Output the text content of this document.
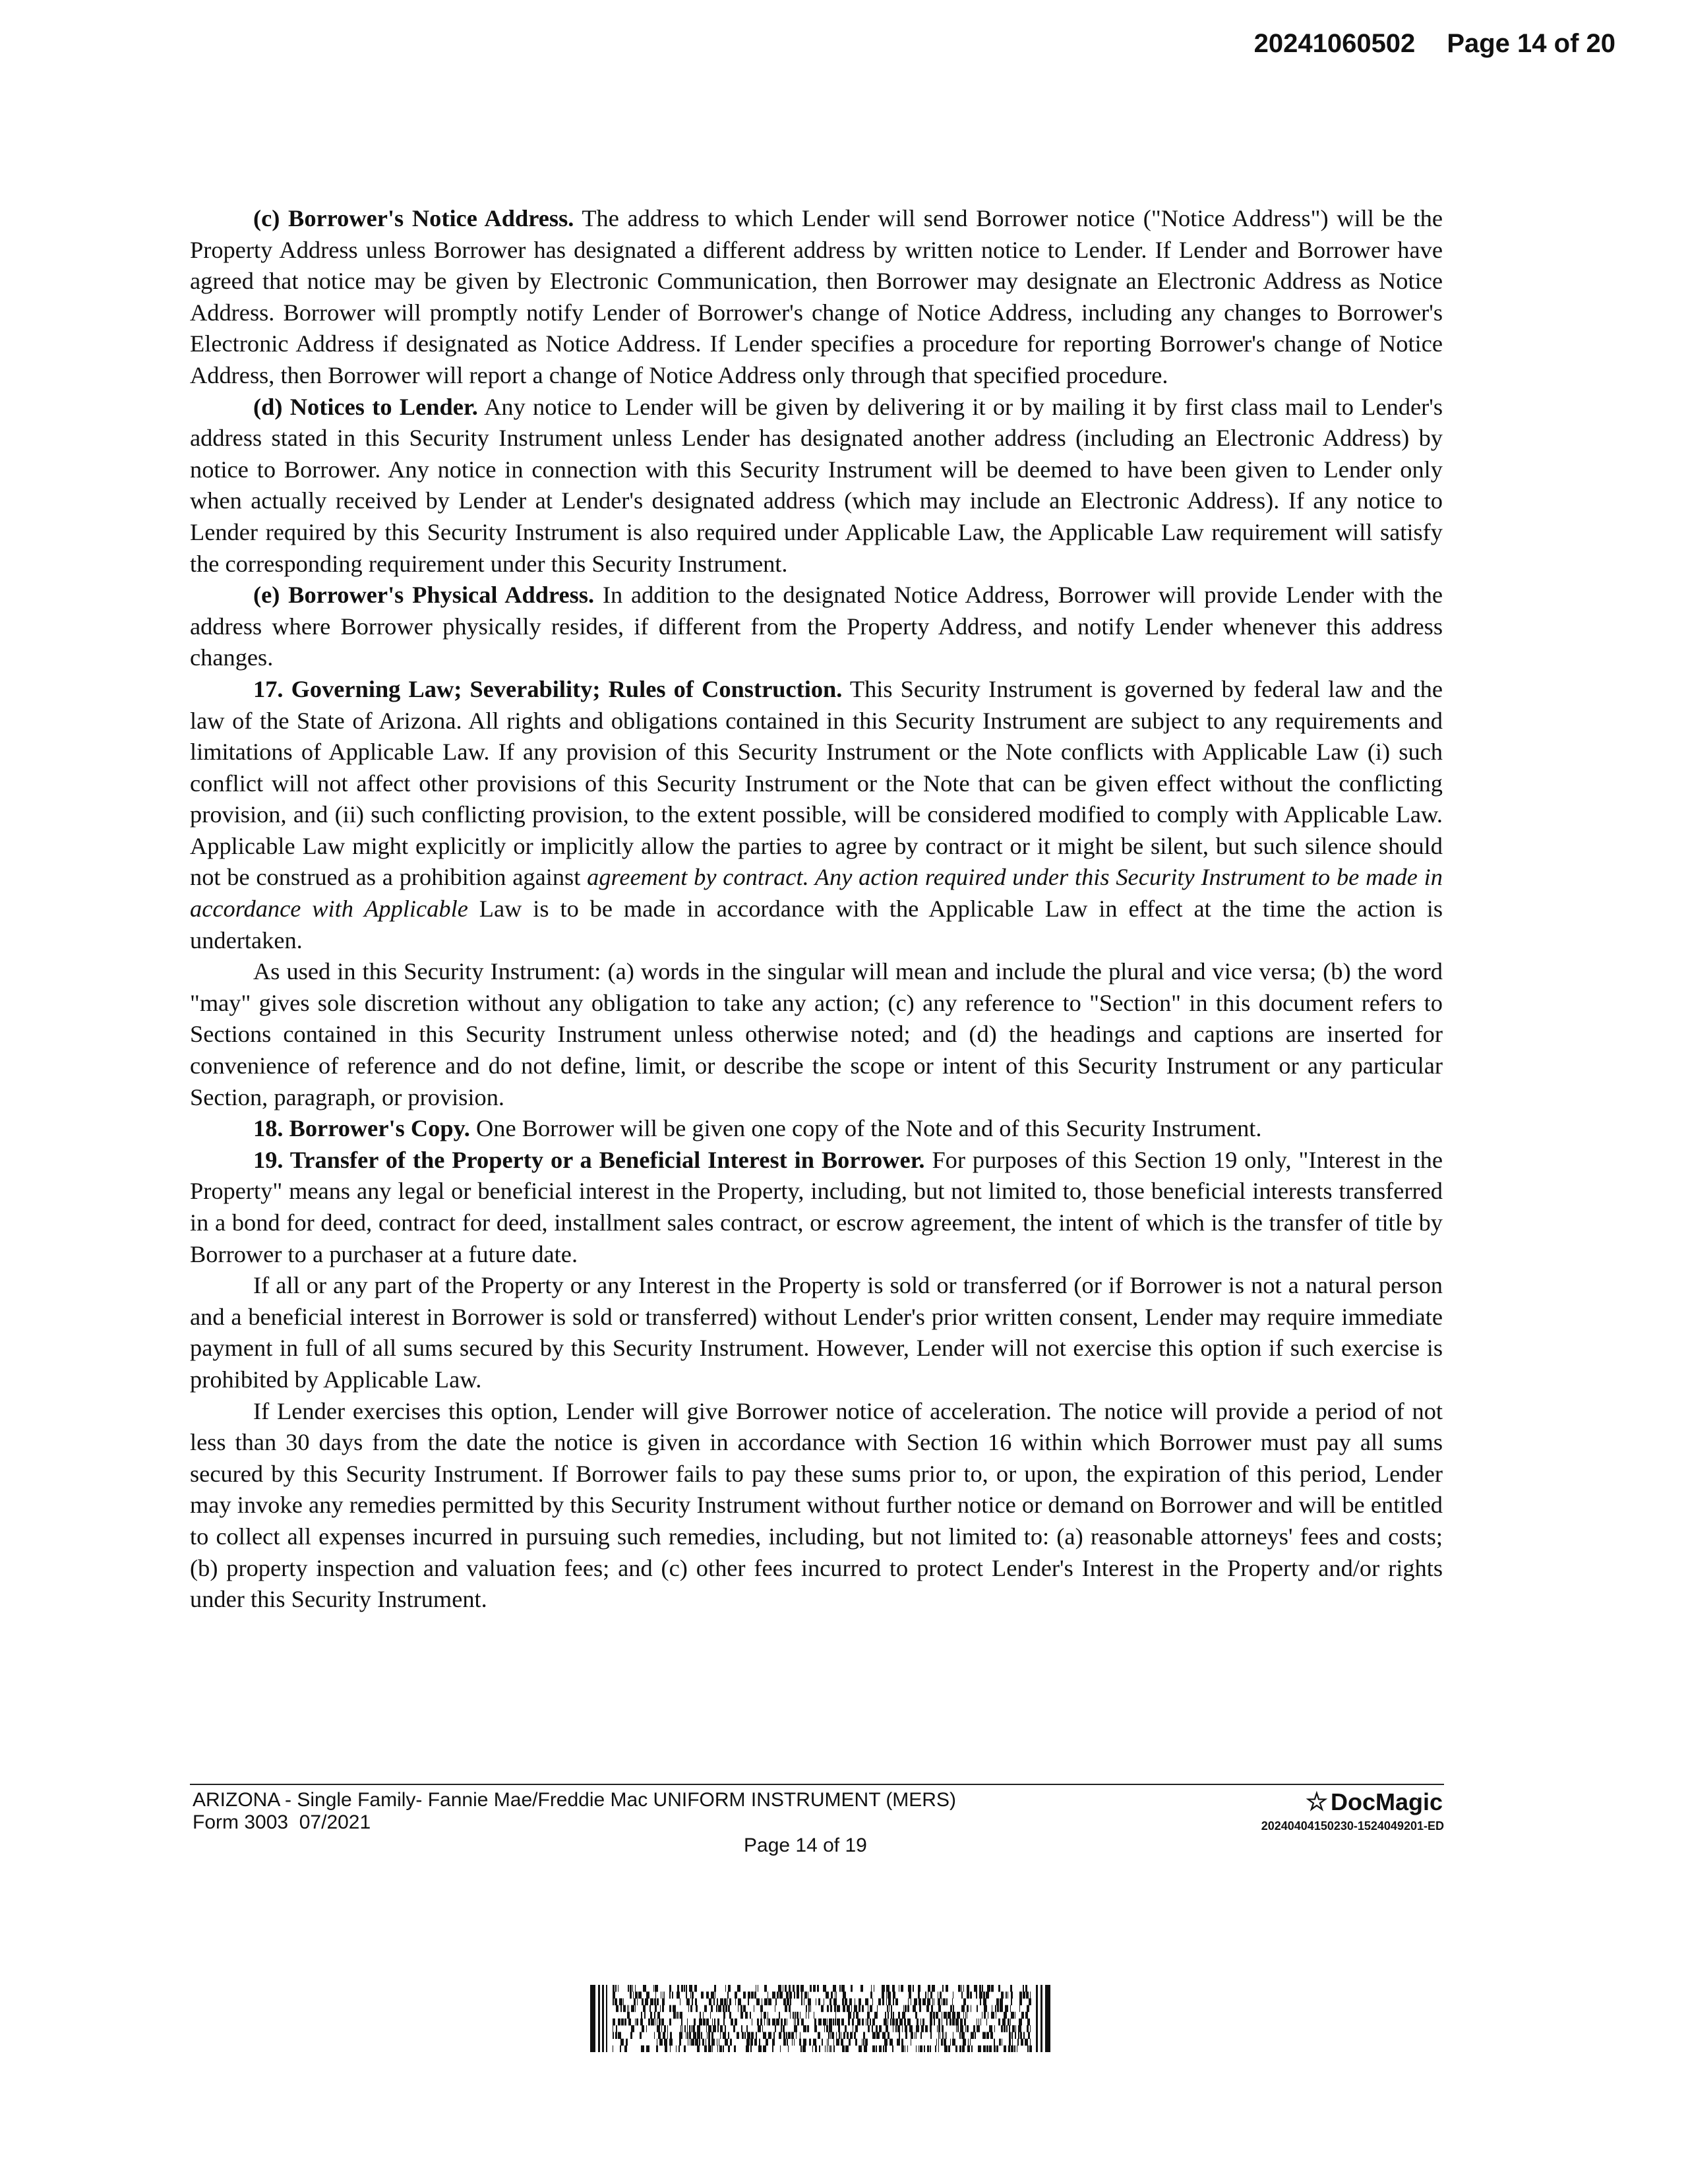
20241060502 Page 14 of 20

(c) Borrower's Notice Address. The address to which Lender will send Borrower notice ("Notice Address") will be the Property Address unless Borrower has designated a different address by written notice to Lender. If Lender and Borrower have agreed that notice may be given by Electronic Communication, then Borrower may designate an Electronic Address as Notice Address. Borrower will promptly notify Lender of Borrower's change of Notice Address, including any changes to Borrower's Electronic Address if designated as Notice Address. If Lender specifies a procedure for reporting Borrower's change of Notice Address, then Borrower will report a change of Notice Address only through that specified procedure.

(d) Notices to Lender. Any notice to Lender will be given by delivering it or by mailing it by first class mail to Lender's address stated in this Security Instrument unless Lender has designated another address (including an Electronic Address) by notice to Borrower. Any notice in connection with this Security Instrument will be deemed to have been given to Lender only when actually received by Lender at Lender's designated address (which may include an Electronic Address). If any notice to Lender required by this Security Instrument is also required under Applicable Law, the Applicable Law requirement will satisfy the corresponding requirement under this Security Instrument.

(e) Borrower's Physical Address. In addition to the designated Notice Address, Borrower will provide Lender with the address where Borrower physically resides, if different from the Property Address, and notify Lender whenever this address changes.

17. Governing Law; Severability; Rules of Construction. This Security Instrument is governed by federal law and the law of the State of Arizona. All rights and obligations contained in this Security Instrument are subject to any requirements and limitations of Applicable Law. If any provision of this Security Instrument or the Note conflicts with Applicable Law (i) such conflict will not affect other provisions of this Security Instrument or the Note that can be given effect without the conflicting provision, and (ii) such conflicting provision, to the extent possible, will be considered modified to comply with Applicable Law. Applicable Law might explicitly or implicitly allow the parties to agree by contract or it might be silent, but such silence should not be construed as a prohibition against agreement by contract. Any action required under this Security Instrument to be made in accordance with Applicable Law is to be made in accordance with the Applicable Law in effect at the time the action is undertaken.

As used in this Security Instrument: (a) words in the singular will mean and include the plural and vice versa; (b) the word "may" gives sole discretion without any obligation to take any action; (c) any reference to "Section" in this document refers to Sections contained in this Security Instrument unless otherwise noted; and (d) the headings and captions are inserted for convenience of reference and do not define, limit, or describe the scope or intent of this Security Instrument or any particular Section, paragraph, or provision.

18. Borrower's Copy. One Borrower will be given one copy of the Note and of this Security Instrument.

19. Transfer of the Property or a Beneficial Interest in Borrower. For purposes of this Section 19 only, "Interest in the Property" means any legal or beneficial interest in the Property, including, but not limited to, those beneficial interests transferred in a bond for deed, contract for deed, installment sales contract, or escrow agreement, the intent of which is the transfer of title by Borrower to a purchaser at a future date.

If all or any part of the Property or any Interest in the Property is sold or transferred (or if Borrower is not a natural person and a beneficial interest in Borrower is sold or transferred) without Lender's prior written consent, Lender may require immediate payment in full of all sums secured by this Security Instrument. However, Lender will not exercise this option if such exercise is prohibited by Applicable Law.

If Lender exercises this option, Lender will give Borrower notice of acceleration. The notice will provide a period of not less than 30 days from the date the notice is given in accordance with Section 16 within which Borrower must pay all sums secured by this Security Instrument. If Borrower fails to pay these sums prior to, or upon, the expiration of this period, Lender may invoke any remedies permitted by this Security Instrument without further notice or demand on Borrower and will be entitled to collect all expenses incurred in pursuing such remedies, including, but not limited to: (a) reasonable attorneys' fees and costs; (b) property inspection and valuation fees; and (c) other fees incurred to protect Lender's Interest in the Property and/or rights under this Security Instrument.

ARIZONA - Single Family- Fannie Mae/Freddie Mac UNIFORM INSTRUMENT (MERS)
Form 3003  07/2021
Page 14 of 19
☆ DocMagic
20240404150230-1524049201-ED
